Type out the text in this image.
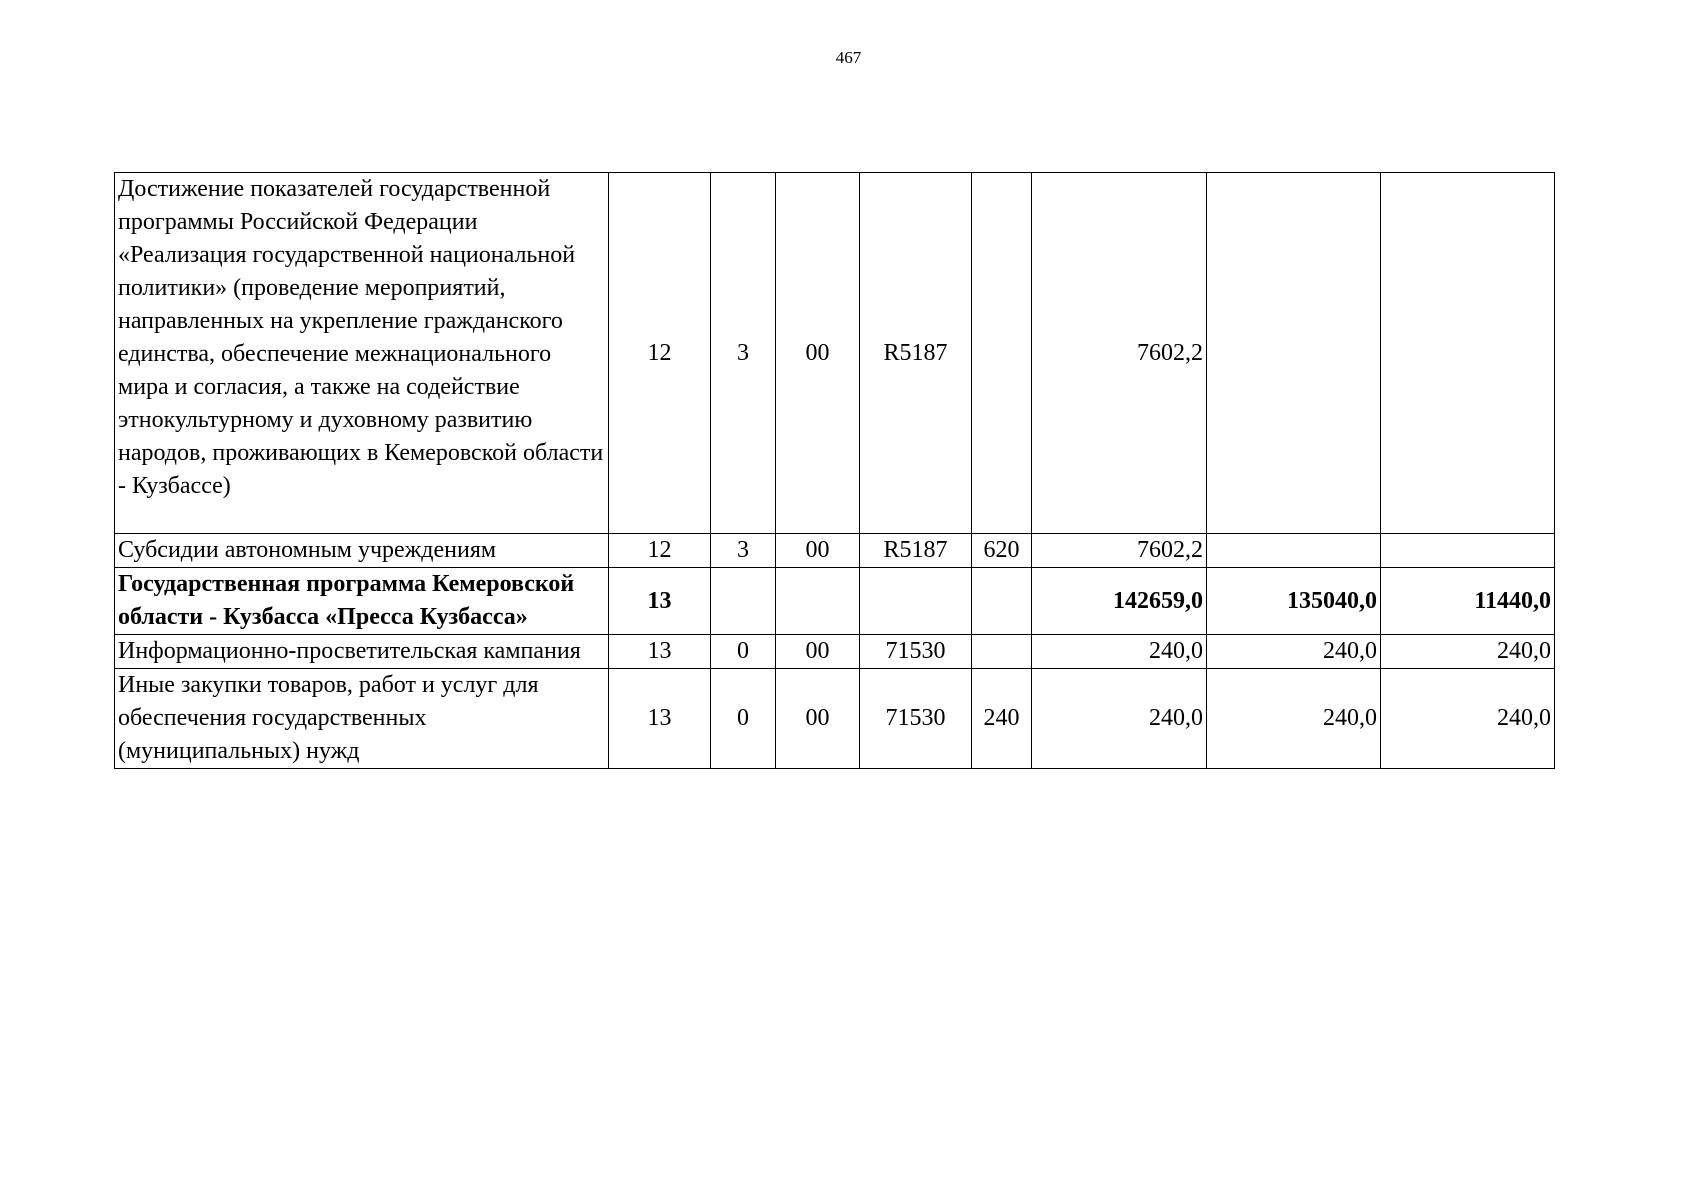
467
Достижение показателей государственной программы Российской Федерации «Реализация государственной национальной политики» (проведение мероприятий, направленных на укрепление гражданского единства, обеспечение межнационального мира и согласия, а также на содействие этнокультурному и духовному развитию народов, проживающих в Кемеровской области - Кузбассе)	12	3	00	R5187		7602,2		
Субсидии автономным учреждениям	12	3	00	R5187	620	7602,2		
Государственная программа Кемеровской области - Кузбасса «Пресса Кузбасса»	13					142659,0	135040,0	11440,0
Информационно-просветительская кампания	13	0	00	71530		240,0	240,0	240,0
Иные закупки товаров, работ и услуг для обеспечения государственных (муниципальных) нужд	13	0	00	71530	240	240,0	240,0	240,0
